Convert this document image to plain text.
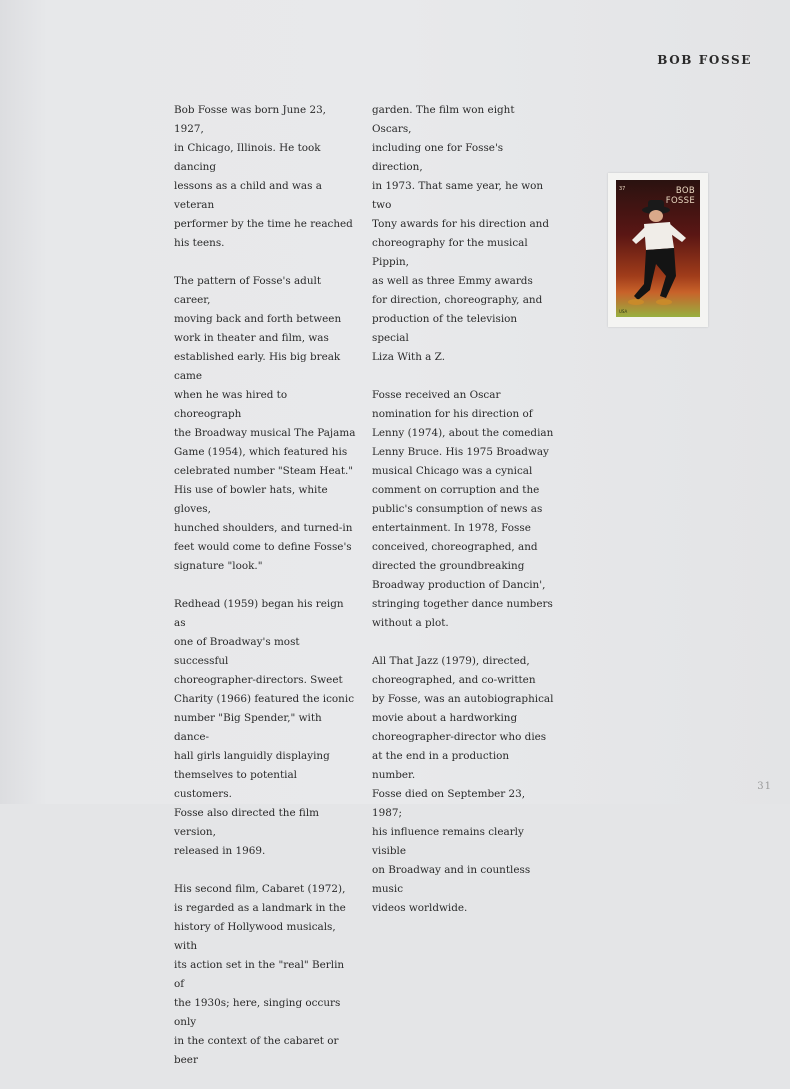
BOB FOSSE

Bob Fosse was born June 23, 1927,
in Chicago, Illinois. He took dancing
lessons as a child and was a veteran
performer by the time he reached
his teens.

The pattern of Fosse's adult career,
moving back and forth between
work in theater and film, was
established early. His big break came
when he was hired to choreograph
the Broadway musical The Pajama
Game (1954), which featured his
celebrated number "Steam Heat."
His use of bowler hats, white gloves,
hunched shoulders, and turned-in
feet would come to define Fosse's
signature "look."

Redhead (1959) began his reign as
one of Broadway's most successful
choreographer-directors. Sweet
Charity (1966) featured the iconic
number "Big Spender," with dance-
hall girls languidly displaying
themselves to potential customers.
Fosse also directed the film version,
released in 1969.

His second film, Cabaret (1972),
is regarded as a landmark in the
history of Hollywood musicals, with
its action set in the "real" Berlin of
the 1930s; here, singing occurs only
in the context of the cabaret or beer

garden. The film won eight Oscars,
including one for Fosse's direction,
in 1973. That same year, he won two
Tony awards for his direction and
choreography for the musical Pippin,
as well as three Emmy awards
for direction, choreography, and
production of the television special
Liza With a Z.

Fosse received an Oscar
nomination for his direction of
Lenny (1974), about the comedian
Lenny Bruce. His 1975 Broadway
musical Chicago was a cynical
comment on corruption and the
public's consumption of news as
entertainment. In 1978, Fosse
conceived, choreographed, and
directed the groundbreaking
Broadway production of Dancin',
stringing together dance numbers
without a plot.

All That Jazz (1979), directed,
choreographed, and co-written
by Fosse, was an autobiographical
movie about a hardworking
choreographer-director who dies
at the end in a production number.
Fosse died on September 23, 1987;
his influence remains clearly visible
on Broadway and in countless music
videos worldwide.

37	BOB
FOSSE
USA
31
